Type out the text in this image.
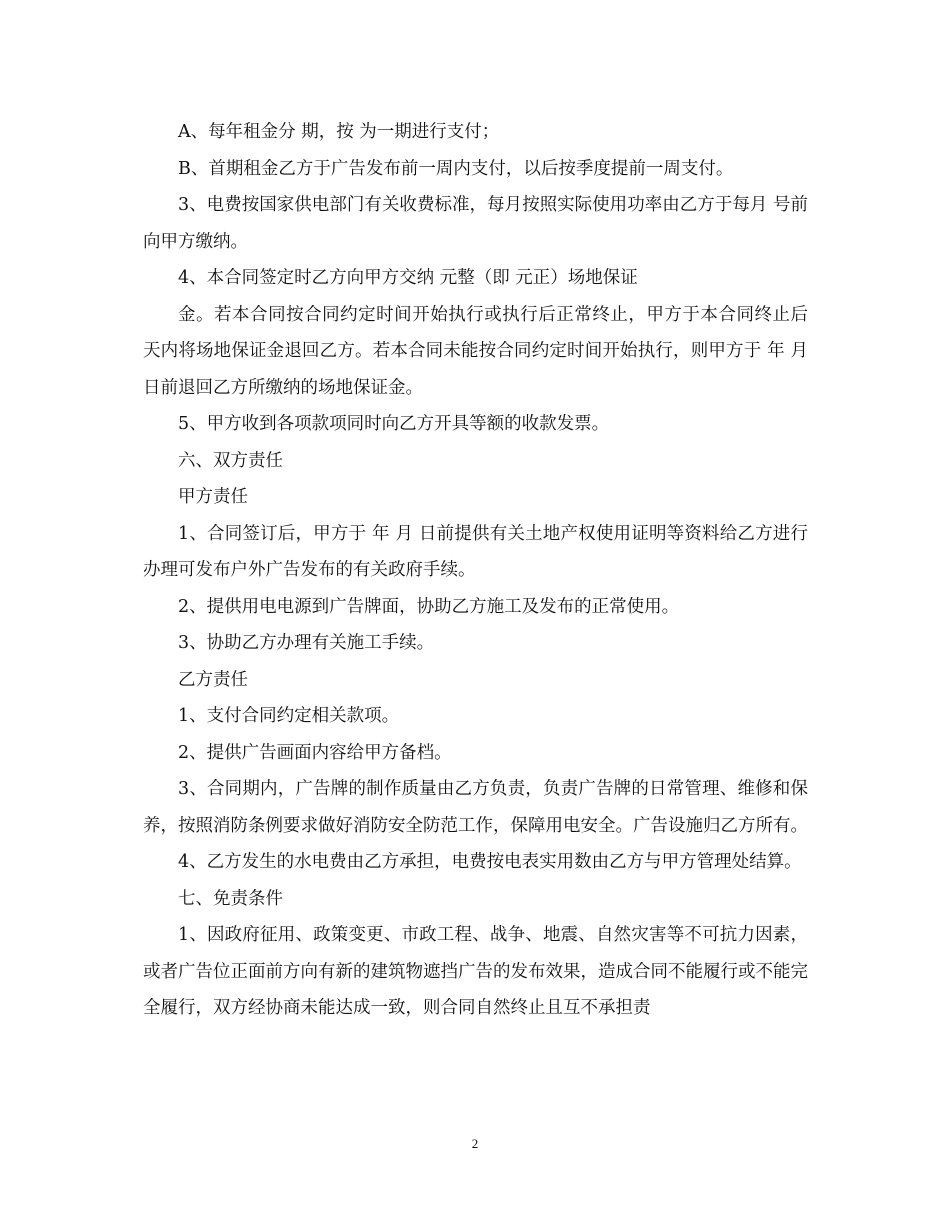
A、每年租金分 期，按 为一期进行支付；

B、首期租金乙方于广告发布前一周内支付，以后按季度提前一周支付。

3、电费按国家供电部门有关收费标准，每月按照实际使用功率由乙方于每月 号前向甲方缴纳。

4、本合同签定时乙方向甲方交纳 元整（即 元正）场地保证

金。若本合同按合同约定时间开始执行或执行后正常终止，甲方于本合同终止后 天内将场地保证金退回乙方。若本合同未能按合同约定时间开始执行，则甲方于 年 月 日前退回乙方所缴纳的场地保证金。

5、甲方收到各项款项同时向乙方开具等额的收款发票。

六、双方责任

甲方责任

1、合同签订后，甲方于 年 月 日前提供有关土地产权使用证明等资料给乙方进行办理可发布户外广告发布的有关政府手续。

2、提供用电电源到广告牌面，协助乙方施工及发布的正常使用。

3、协助乙方办理有关施工手续。

乙方责任

1、支付合同约定相关款项。

2、提供广告画面内容给甲方备档。

3、合同期内，广告牌的制作质量由乙方负责，负责广告牌的日常管理、维修和保养，按照消防条例要求做好消防安全防范工作，保障用电安全。广告设施归乙方所有。

4、乙方发生的水电费由乙方承担，电费按电表实用数由乙方与甲方管理处结算。

七、免责条件

1、因政府征用、政策变更、市政工程、战争、地震、自然灾害等不可抗力因素，或者广告位正面前方向有新的建筑物遮挡广告的发布效果，造成合同不能履行或不能完全履行，双方经协商未能达成一致，则合同自然终止且互不承担责

2
